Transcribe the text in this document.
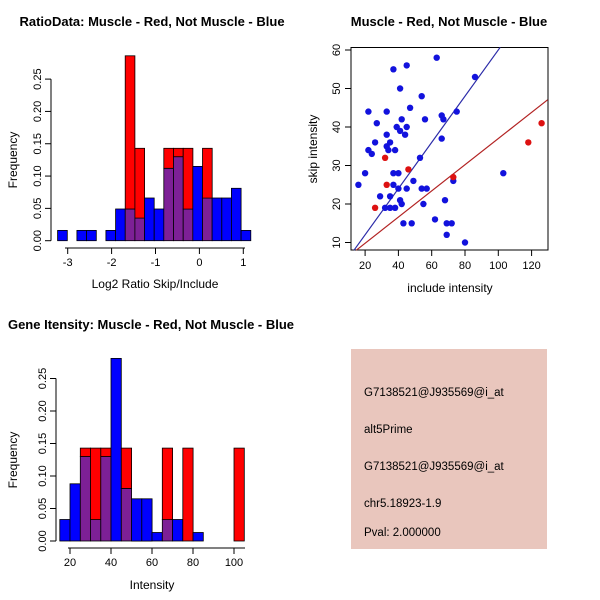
RatioData: Muscle - Red, Not Muscle - Blue
Log2 Ratio Skip/Include
Frequency
-3	-2	-1	0	1
0.00
0.05
0.10
0.15
0.20
0.25
Muscle - Red, Not Muscle - Blue
include intensity
skip intensity
20 40 60 80 100 120
10
20
30
40
50
60
Gene Itensity: Muscle - Red, Not Muscle - Blue
Intensity
Frequency
20	40	60	80 100
0.00
0.05
0.10
0.15
0.20
0.25
G7138521@J935569@i_at
alt5Prime
G7138521@J935569@i_at
chr5.18923-1.9
Pval: 2.000000
